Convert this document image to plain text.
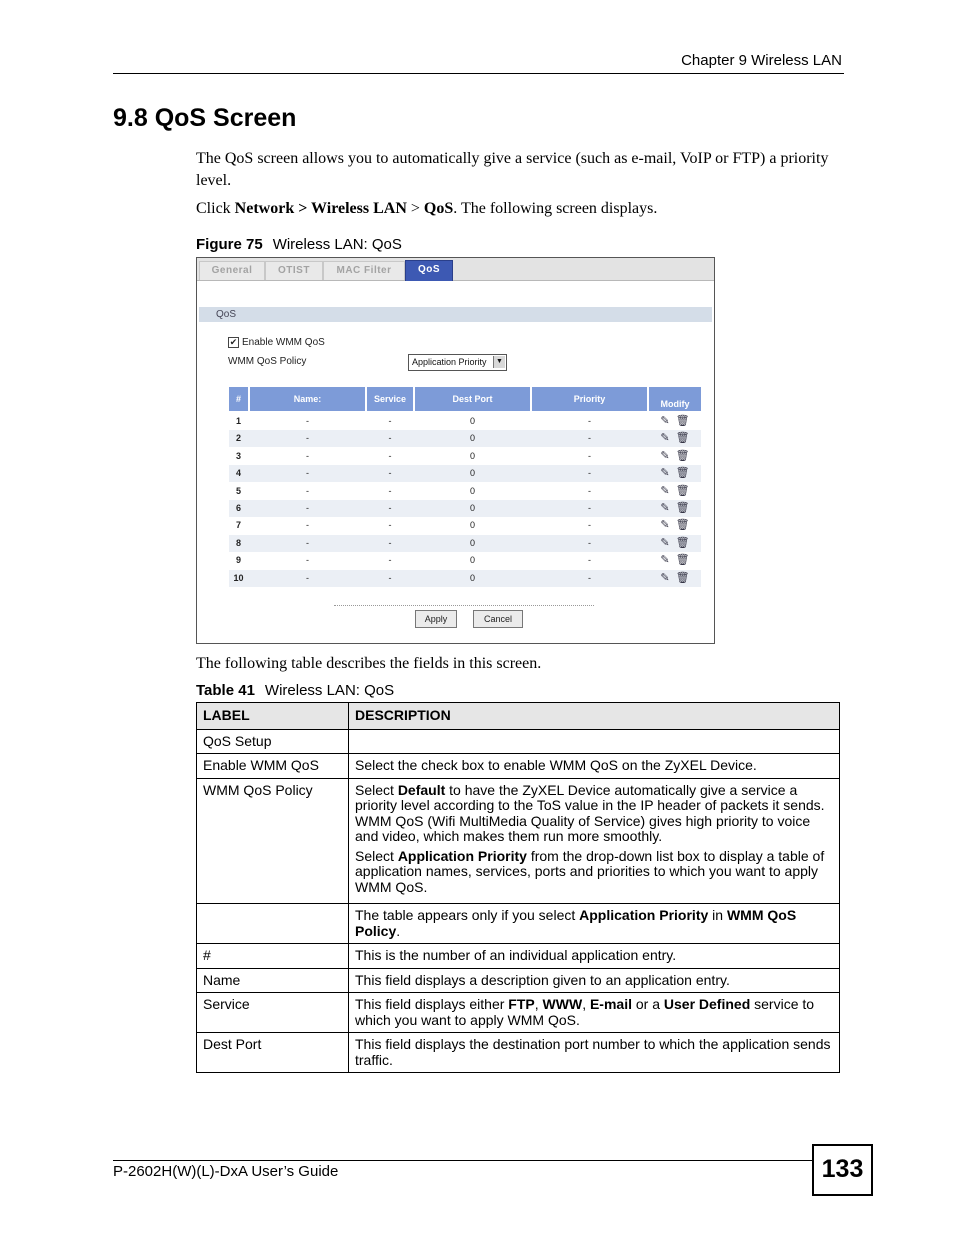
Chapter 9 Wireless LAN
9.8 QoS Screen
The QoS screen allows you to automatically give a service (such as e-mail, VoIP or FTP) a priority level.
Click Network > Wireless LAN > QoS. The following screen displays.
Figure 75 Wireless LAN: QoS
General	OTIST	MAC Filter	QoS
QoS
✔ Enable WMM QoS
WMM QoS Policy	Application Priority	▼
#	Name:	Service	Dest Port	Priority	Modify
1	-	-	0	-	✎ 🗑
2	-	-	0	-	✎ 🗑
3	-	-	0	-	✎ 🗑
4	-	-	0	-	✎ 🗑
5	-	-	0	-	✎ 🗑
6	-	-	0	-	✎ 🗑
7	-	-	0	-	✎ 🗑
8	-	-	0	-	✎ 🗑
9	-	-	0	-	✎ 🗑
10	-	-	0	-	✎ 🗑
Apply	Cancel
The following table describes the fields in this screen.
Table 41 Wireless LAN: QoS
LABEL	DESCRIPTION
QoS Setup	
Enable WMM QoS	Select the check box to enable WMM QoS on the ZyXEL Device.
WMM QoS Policy	Select Default to have the ZyXEL Device automatically give a service a priority level according to the ToS value in the IP header of packets it sends. WMM QoS (Wifi MultiMedia Quality of Service) gives high priority to voice and video, which makes them run more smoothly.

Select Application Priority from the drop-down list box to display a table of application names, services, ports and priorities to which you want to apply WMM QoS.

	The table appears only if you select Application Priority in WMM QoS Policy.
#	This is the number of an individual application entry.
Name	This field displays a description given to an application entry.
Service	This field displays either FTP, WWW, E-mail or a User Defined service to which you want to apply WMM QoS.
Dest Port	This field displays the destination port number to which the application sends traffic.
P-2602H(W)(L)-DxA User’s Guide	133
